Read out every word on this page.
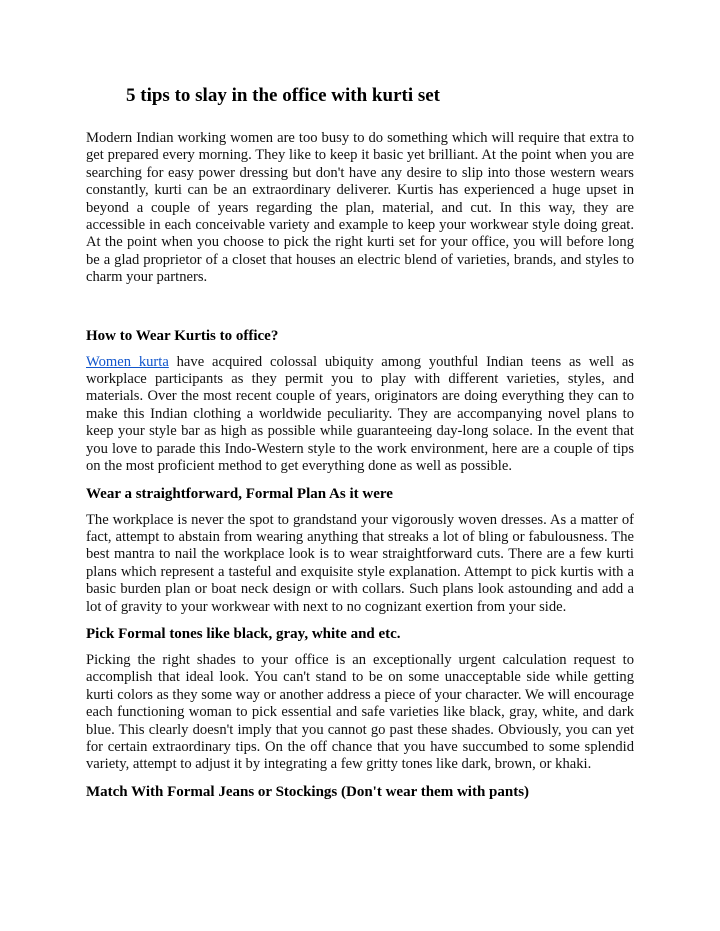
5 tips to slay in the office with kurti set

Modern Indian working women are too busy to do something which will require that extra to get prepared every morning. They like to keep it basic yet brilliant. At the point when you are searching for easy power dressing but don't have any desire to slip into those western wears constantly, kurti can be an extraordinary deliverer. Kurtis has experienced a huge upset in beyond a couple of years regarding the plan, material, and cut. In this way, they are accessible in each conceivable variety and example to keep your workwear style doing great. At the point when you choose to pick the right kurti set for your office, you will before long be a glad proprietor of a closet that houses an electric blend of varieties, brands, and styles to charm your partners.

How to Wear Kurtis to office?

Women kurta have acquired colossal ubiquity among youthful Indian teens as well as workplace participants as they permit you to play with different varieties, styles, and materials. Over the most recent couple of years, originators are doing everything they can to make this Indian clothing a worldwide peculiarity. They are accompanying novel plans to keep your style bar as high as possible while guaranteeing day-long solace. In the event that you love to parade this Indo-Western style to the work environment, here are a couple of tips on the most proficient method to get everything done as well as possible.

Wear a straightforward, Formal Plan As it were

The workplace is never the spot to grandstand your vigorously woven dresses. As a matter of fact, attempt to abstain from wearing anything that streaks a lot of bling or fabulousness. The best mantra to nail the workplace look is to wear straightforward cuts. There are a few kurti plans which represent a tasteful and exquisite style explanation. Attempt to pick kurtis with a basic burden plan or boat neck design or with collars. Such plans look astounding and add a lot of gravity to your workwear with next to no cognizant exertion from your side.

Pick Formal tones like black, gray, white and etc.

Picking the right shades to your office is an exceptionally urgent calculation request to accomplish that ideal look. You can't stand to be on some unacceptable side while getting kurti colors as they some way or another address a piece of your character. We will encourage each functioning woman to pick essential and safe varieties like black, gray, white, and dark blue. This clearly doesn't imply that you cannot go past these shades. Obviously, you can yet for certain extraordinary tips. On the off chance that you have succumbed to some splendid variety, attempt to adjust it by integrating a few gritty tones like dark, brown, or khaki.

Match With Formal Jeans or Stockings (Don't wear them with pants)
